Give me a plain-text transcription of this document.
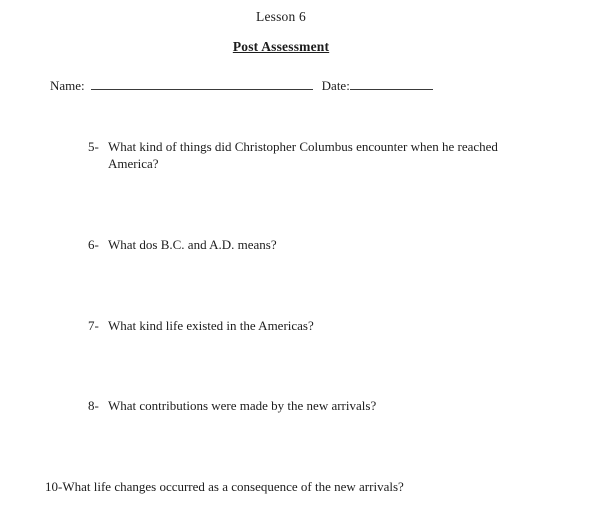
Lesson 6
Post Assessment
Name:	Date:
5- What kind of things did Christopher Columbus encounter when he reached America?
6- What dos B.C. and A.D. means?
7- What kind life existed in the Americas?
8- What contributions were made by the new arrivals?
10- What life changes occurred as a consequence of the new arrivals?
